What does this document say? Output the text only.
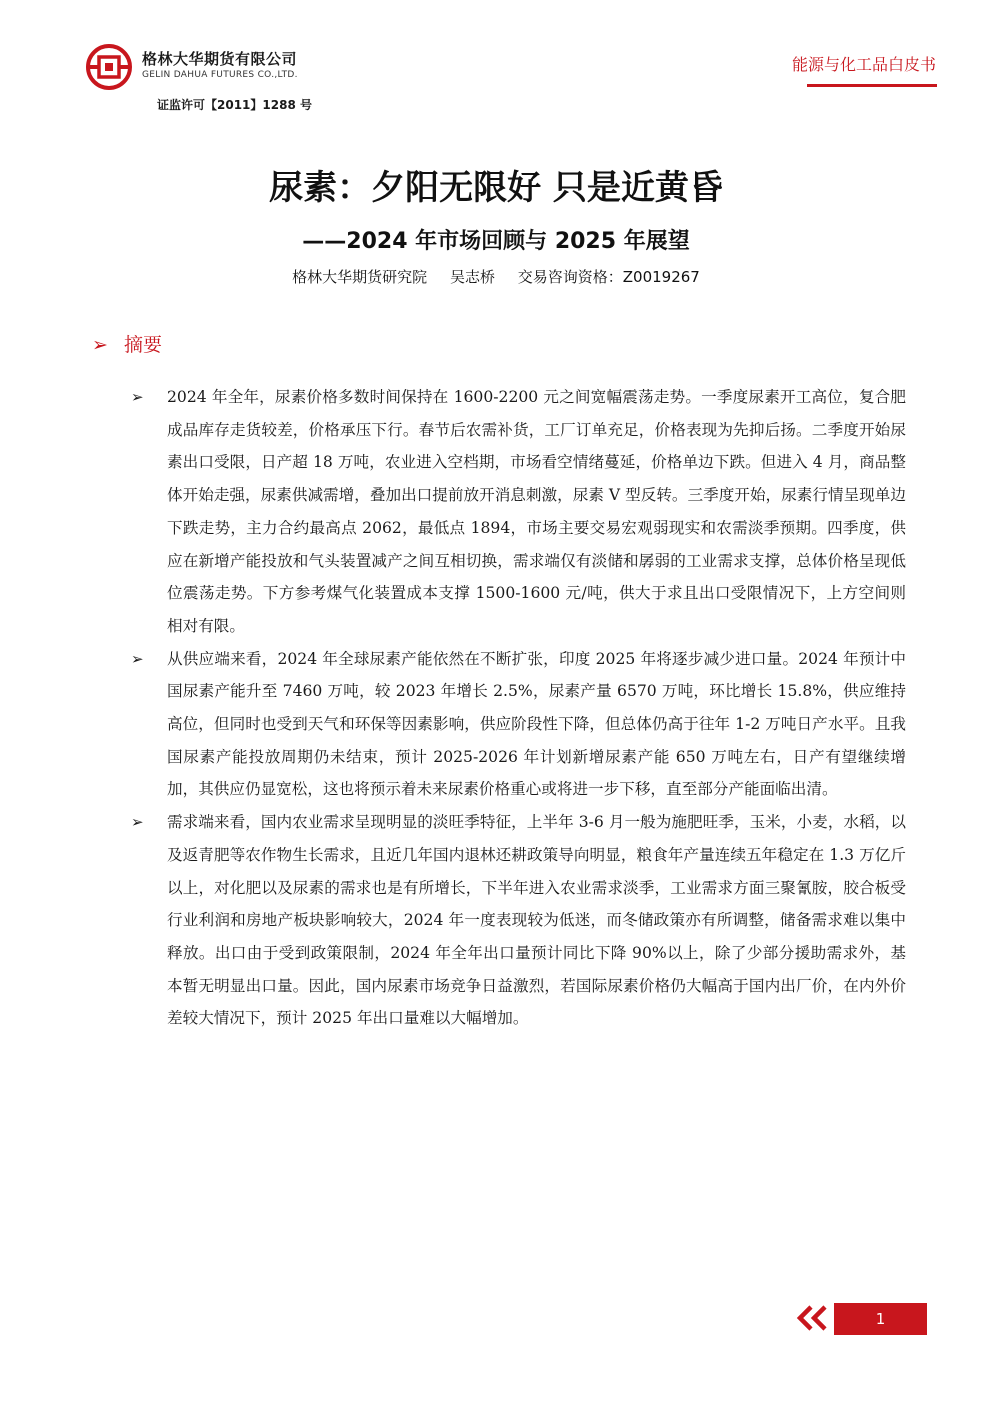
格林大华期货有限公司
GELIN DAHUA FUTURES CO.,LTD.
证监许可【2011】1288 号
能源与化工品白皮书
尿素：夕阳无限好 只是近黄昏
——2024 年市场回顾与 2025 年展望
格林大华期货研究院 吴志桥 交易咨询资格：Z0019267
➢ 摘要
➢	2024 年全年，尿素价格多数时间保持在 1600-2200 元之间宽幅震荡走势。一季度尿素开工高位，复合肥成品库存走货较差，价格承压下行。春节后农需补货，工厂订单充足，价格表现为先抑后扬。二季度开始尿素出口受限，日产超 18 万吨，农业进入空档期，市场看空情绪蔓延，价格单边下跌。但进入 4 月，商品整体开始走强，尿素供减需增，叠加出口提前放开消息刺激，尿素 V 型反转。三季度开始，尿素行情呈现单边下跌走势，主力合约最高点 2062，最低点 1894，市场主要交易宏观弱现实和农需淡季预期。四季度，供应在新增产能投放和气头装置减产之间互相切换，需求端仅有淡储和孱弱的工业需求支撑，总体价格呈现低位震荡走势。下方参考煤气化装置成本支撑 1500-1600 元/吨，供大于求且出口受限情况下，上方空间则相对有限。
➢	从供应端来看，2024 年全球尿素产能依然在不断扩张，印度 2025 年将逐步减少进口量。2024 年预计中国尿素产能升至 7460 万吨，较 2023 年增长 2.5%，尿素产量 6570 万吨，环比增长 15.8%，供应维持高位，但同时也受到天气和环保等因素影响，供应阶段性下降，但总体仍高于往年 1-2 万吨日产水平。且我国尿素产能投放周期仍未结束，预计 2025-2026 年计划新增尿素产能 650 万吨左右，日产有望继续增加，其供应仍显宽松，这也将预示着未来尿素价格重心或将进一步下移，直至部分产能面临出清。
➢	需求端来看，国内农业需求呈现明显的淡旺季特征，上半年 3-6 月一般为施肥旺季，玉米，小麦，水稻，以及返青肥等农作物生长需求，且近几年国内退林还耕政策导向明显，粮食年产量连续五年稳定在 1.3 万亿斤以上，对化肥以及尿素的需求也是有所增长，下半年进入农业需求淡季，工业需求方面三聚氰胺，胶合板受行业利润和房地产板块影响较大，2024 年一度表现较为低迷，而冬储政策亦有所调整，储备需求难以集中释放。出口由于受到政策限制，2024 年全年出口量预计同比下降 90%以上，除了少部分援助需求外，基本暂无明显出口量。因此，国内尿素市场竞争日益激烈，若国际尿素价格仍大幅高于国内出厂价，在内外价差较大情况下，预计 2025 年出口量难以大幅增加。
1
